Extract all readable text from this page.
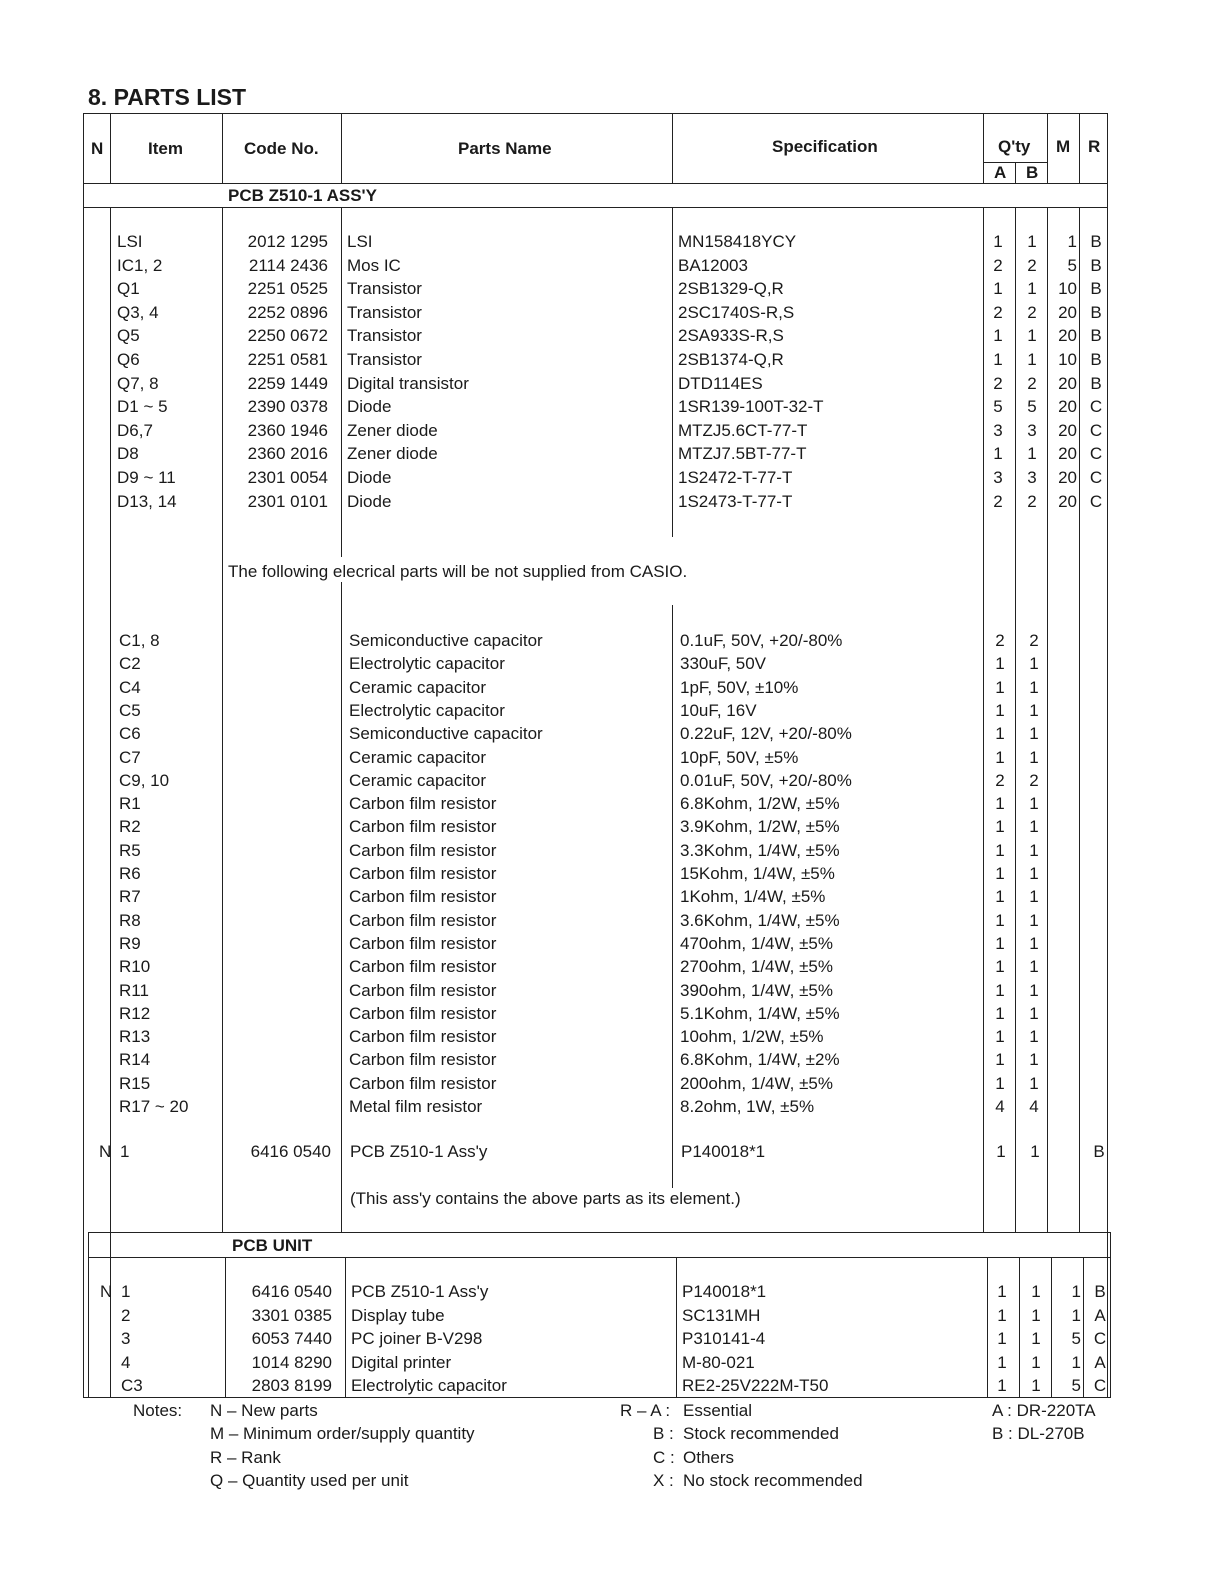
8. PARTS LIST
N	Item	Code No.	Parts Name	Specification	Q'ty
A B
M R
PCB Z510-1 ASS'Y
LSI	2012 1295 LSI	MN158418YCY	1 1	1 B
IC1, 2	2114 2436 Mos IC	BA12003	2 2	5 B
Q1	2251 0525 Transistor	2SB1329-Q,R	1 1 10 B
Q3, 4	2252 0896 Transistor	2SC1740S-R,S	2 2 20 B
Q5	2250 0672 Transistor	2SA933S-R,S	1 1 20 B
Q6	2251 0581 Transistor	2SB1374-Q,R	1 1 10 B
Q7, 8	2259 1449 Digital transistor	DTD114ES	2 2 20 B
D1 ~ 5	2390 0378 Diode	1SR139-100T-32-T	5 5 20 C
D6,7	2360 1946 Zener diode	MTZJ5.6CT-77-T	3 3 20 C
D8	2360 2016 Zener diode	MTZJ7.5BT-77-T	1 1 20 C
D9 ~ 11	2301 0054 Diode	1S2472-T-77-T	3 3 20 C
D13, 14	2301 0101 Diode	1S2473-T-77-T	2 2 20 C
The following elecrical parts will be not supplied from CASIO.
C1, 8	Semiconductive capacitor	0.1uF, 50V, +20/-80%	2 2
C2	Electrolytic capacitor	330uF, 50V	1 1
C4	Ceramic capacitor	1pF, 50V, ±10%	1 1
C5	Electrolytic capacitor	10uF, 16V	1 1
C6	Semiconductive capacitor	0.22uF, 12V, +20/-80%	1 1
C7	Ceramic capacitor	10pF, 50V, ±5%	1 1
C9, 10	Ceramic capacitor	0.01uF, 50V, +20/-80%	2 2
R1	Carbon film resistor	6.8Kohm, 1/2W, ±5%	1 1
R2	Carbon film resistor	3.9Kohm, 1/2W, ±5%	1 1
R5	Carbon film resistor	3.3Kohm, 1/4W, ±5%	1 1
R6	Carbon film resistor	15Kohm, 1/4W, ±5%	1 1
R7	Carbon film resistor	1Kohm, 1/4W, ±5%	1 1
R8	Carbon film resistor	3.6Kohm, 1/4W, ±5%	1 1
R9	Carbon film resistor	470ohm, 1/4W, ±5%	1 1
R10	Carbon film resistor	270ohm, 1/4W, ±5%	1 1
R11	Carbon film resistor	390ohm, 1/4W, ±5%	1 1
R12	Carbon film resistor	5.1Kohm, 1/4W, ±5%	1 1
R13	Carbon film resistor	10ohm, 1/2W, ±5%	1 1
R14	Carbon film resistor	6.8Kohm, 1/4W, ±2%	1 1
R15	Carbon film resistor	200ohm, 1/4W, ±5%	1 1
R17 ~ 20	Metal film resistor	8.2ohm, 1W, ±5%	4 4
N 1	6416 0540 PCB Z510-1 Ass'y	P140018*1	1 1	B
(This ass'y contains the above parts as its element.)
PCB UNIT
N 1	6416 0540 PCB Z510-1 Ass'y	P140018*1	1 1	1 B
2	3301 0385 Display tube	SC131MH	1 1	1 A
3	6053 7440 PC joiner B-V298	P310141-4	1 1	5 C
4	1014 8290 Digital printer	M-80-021	1 1	1 A
C3	2803 8199 Electrolytic capacitor	RE2-25V222M-T50	1 1	5 C
Notes: N – New parts
M – Minimum order/supply quantity
R – Rank
Q – Quantity used per unit
R – A : Essential
B : Stock recommended
C : Others
X : No stock recommended
A : DR-220TA
B : DL-270B
